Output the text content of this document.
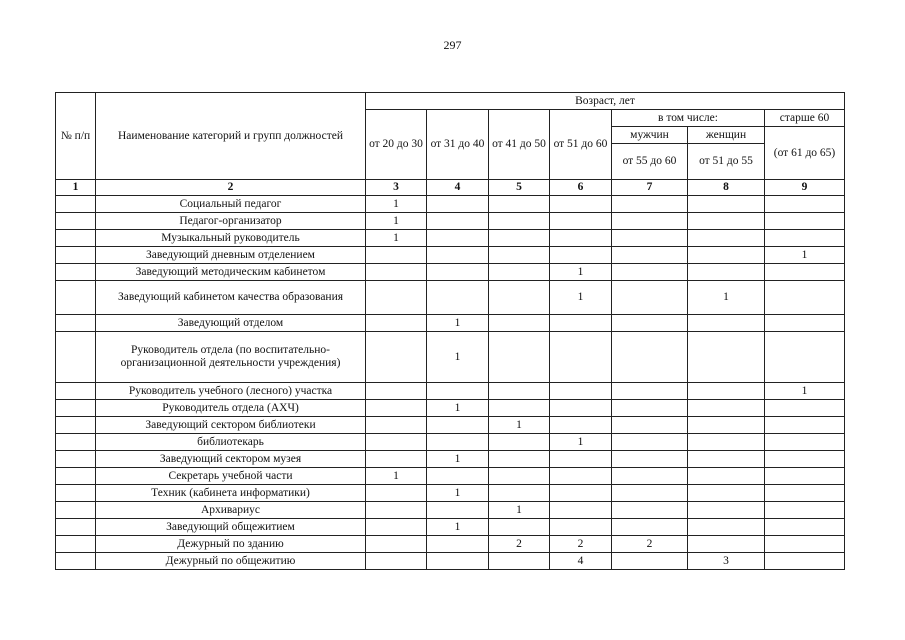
297
№ п/п	Наименование категорий и групп должностей	Возраст, лет						
		от 20 до 30	от 31 до 40	от 41 до 50	от 51 до 60	в том числе:		старше 60
						мужчин	женщин	(от 61 до 65)
						от 55 до 60	от 51 до 55	
1	2	3	4	5	6	7	8	9
	Социальный педагог	1						
	Педагог-организатор	1						
	Музыкальный руководитель	1						
	Заведующий дневным отделением							1
	Заведующий методическим кабинетом				1			
	Заведующий кабинетом качества образования				1		1	
	Заведующий отделом		1					
	Руководитель отдела (по воспитательно-организационной деятельности учреждения)		1					
	Руководитель учебного (лесного) участка							1
	Руководитель отдела (АХЧ)		1					
	Заведующий сектором библиотеки			1				
	библиотекарь				1			
	Заведующий сектором музея		1					
	Секретарь учебной части	1						
	Техник (кабинета информатики)		1					
	Архивариус			1				
	Заведующий общежитием		1					
	Дежурный по зданию			2	2	2		
	Дежурный по общежитию				4		3	
